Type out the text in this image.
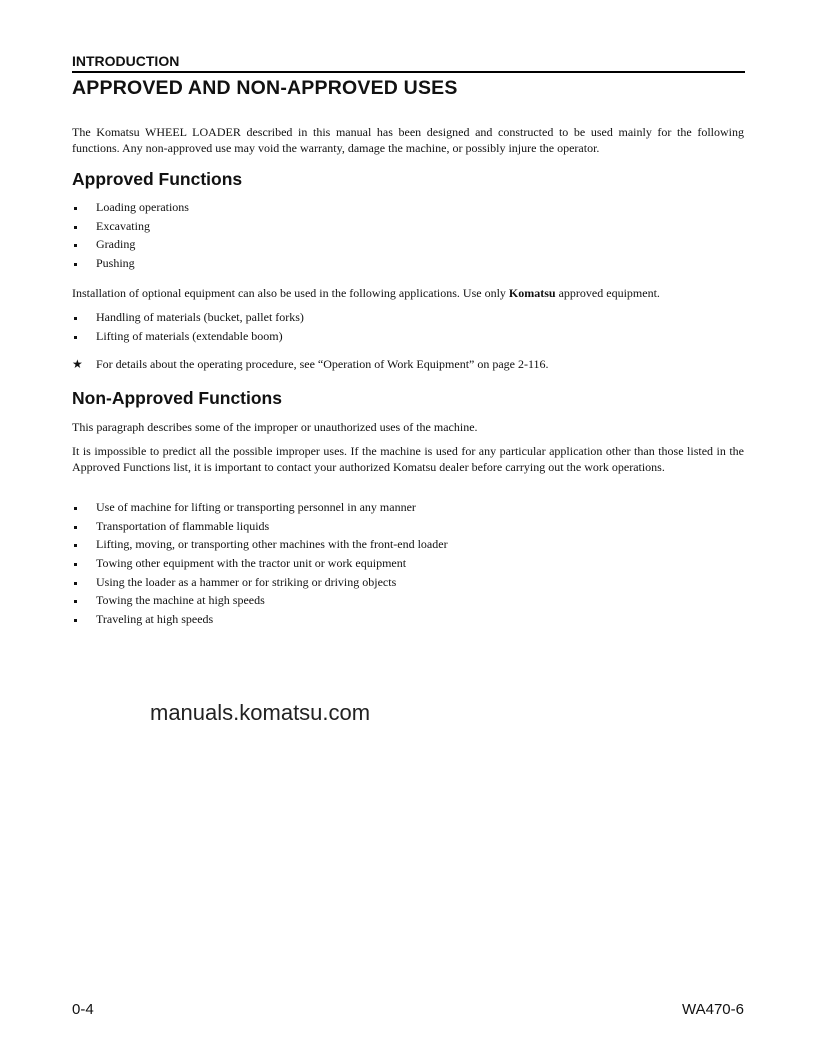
INTRODUCTION
APPROVED AND NON-APPROVED USES
The Komatsu WHEEL LOADER described in this manual has been designed and constructed to be used mainly for the following functions. Any non-approved use may void the warranty, damage the machine, or possibly injure the operator.
Approved Functions
Loading operations
Excavating
Grading
Pushing
Installation of optional equipment can also be used in the following applications. Use only Komatsu approved equipment.
Handling of materials (bucket, pallet forks)
Lifting of materials (extendable boom)
★ For details about the operating procedure, see “Operation of Work Equipment” on page 2-116.
Non-Approved Functions
This paragraph describes some of the improper or unauthorized uses of the machine.
It is impossible to predict all the possible improper uses. If the machine is used for any particular application other than those listed in the Approved Functions list, it is important to contact your authorized Komatsu dealer before carrying out the work operations.
Use of machine for lifting or transporting personnel in any manner
Transportation of flammable liquids
Lifting, moving, or transporting other machines with the front-end loader
Towing other equipment with the tractor unit or work equipment
Using the loader as a hammer or for striking or driving objects
Towing the machine at high speeds
Traveling at high speeds
manuals.komatsu.com
0-4	WA470-6
